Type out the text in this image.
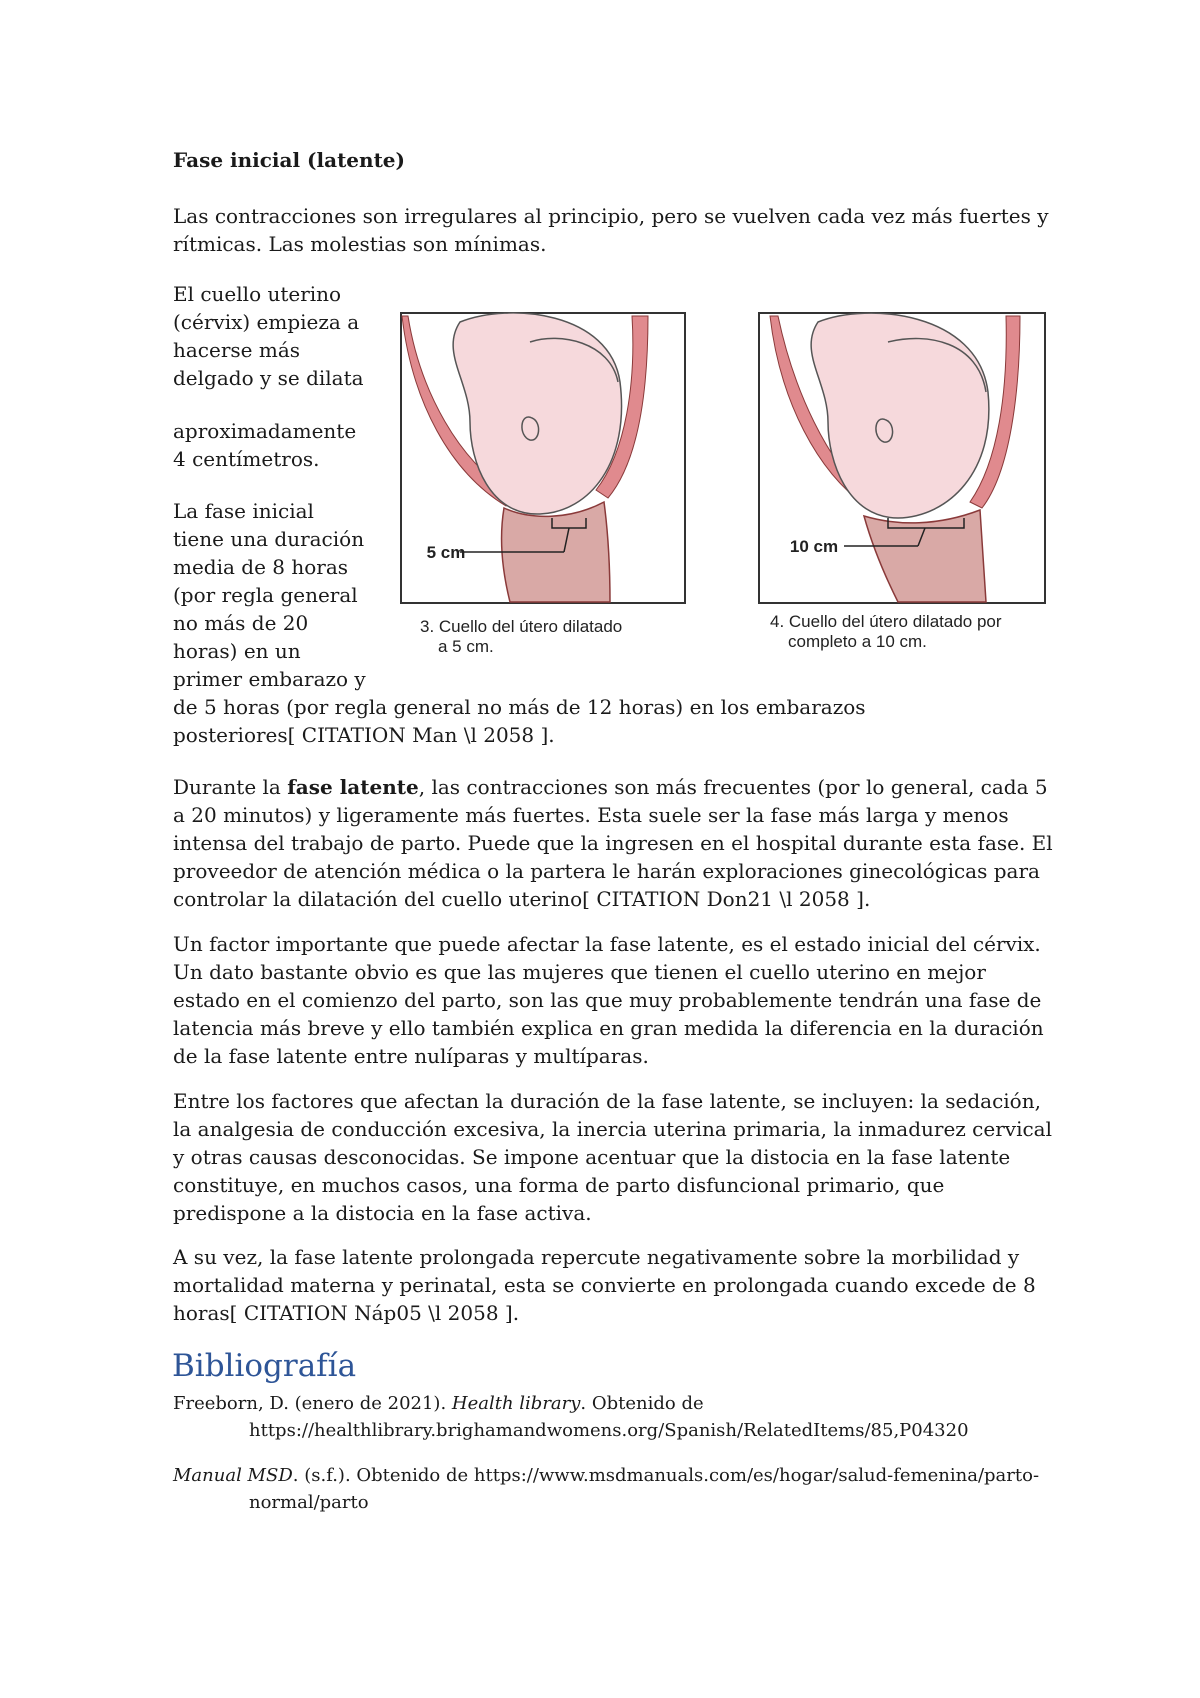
Fase inicial (latente)

Las contracciones son irregulares al principio, pero se vuelven cada vez más fuertes y rítmicas. Las molestias son mínimas.

El cuello uterino
(cérvix) empieza a
hacerse más
delgado y se dilata
aproximadamente
4 centímetros.
La fase inicial
tiene una duración
media de 8 horas
(por regla general
no más de 20
horas) en un
primer embarazo y
de 5 horas (por regla general no más de 12 horas) en los embarazos
posteriores[ CITATION Man \l 2058 ].
5 cm
3. Cuello del útero dilatado
a 5 cm.
10 cm
4. Cuello del útero dilatado por
completo a 10 cm.

Durante la fase latente, las contracciones son más frecuentes (por lo general, cada 5 a 20 minutos) y ligeramente más fuertes. Esta suele ser la fase más larga y menos intensa del trabajo de parto. Puede que la ingresen en el hospital durante esta fase. El proveedor de atención médica o la partera le harán exploraciones ginecológicas para controlar la dilatación del cuello uterino[ CITATION Don21 \l 2058 ].

Un factor importante que puede afectar la fase latente, es el estado inicial del cérvix. Un dato bastante obvio es que las mujeres que tienen el cuello uterino en mejor estado en el comienzo del parto, son las que muy probablemente tendrán una fase de latencia más breve y ello también explica en gran medida la diferencia en la duración de la fase latente entre nulíparas y multíparas.

Entre los factores que afectan la duración de la fase latente, se incluyen: la sedación, la analgesia de conducción excesiva, la inercia uterina primaria, la inmadurez cervical y otras causas desconocidas. Se impone acentuar que la distocia en la fase latente constituye, en muchos casos, una forma de parto disfuncional primario, que predispone a la distocia en la fase activa.

A su vez, la fase latente prolongada repercute negativamente sobre la morbilidad y mortalidad materna y perinatal, esta se convierte en prolongada cuando excede de 8 horas[ CITATION Náp05 \l 2058 ].

Bibliografía
Freeborn, D. (enero de 2021). Health library. Obtenido de
https://healthlibrary.brighamandwomens.org/Spanish/RelatedItems/85,P04320
Manual MSD. (s.f.). Obtenido de https://www.msdmanuals.com/es/hogar/salud-femenina/parto-
normal/parto
